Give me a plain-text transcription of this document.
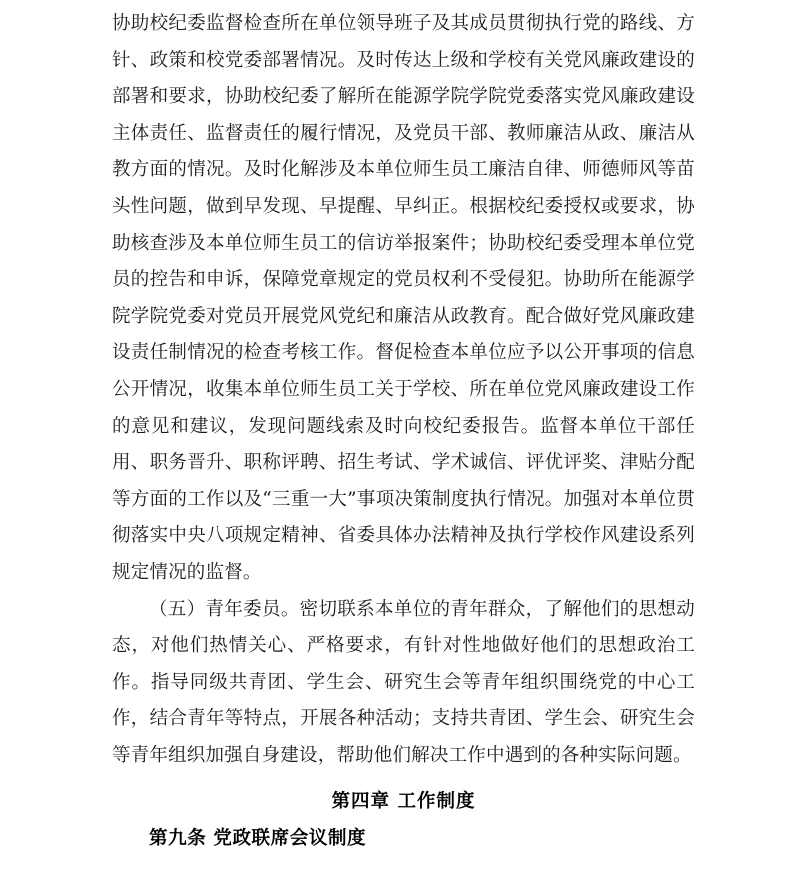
协助校纪委监督检查所在单位领导班子及其成员贯彻执行党的路线、方针、政策和校党委部署情况。及时传达上级和学校有关党风廉政建设的部署和要求，协助校纪委了解所在能源学院学院党委落实党风廉政建设主体责任、监督责任的履行情况，及党员干部、教师廉洁从政、廉洁从教方面的情况。及时化解涉及本单位师生员工廉洁自律、师德师风等苗头性问题，做到早发现、早提醒、早纠正。根据校纪委授权或要求，协助核查涉及本单位师生员工的信访举报案件；协助校纪委受理本单位党员的控告和申诉，保障党章规定的党员权利不受侵犯。协助所在能源学院学院党委对党员开展党风党纪和廉洁从政教育。配合做好党风廉政建设责任制情况的检查考核工作。督促检查本单位应予以公开事项的信息公开情况，收集本单位师生员工关于学校、所在单位党风廉政建设工作的意见和建议，发现问题线索及时向校纪委报告。监督本单位干部任用、职务晋升、职称评聘、招生考试、学术诚信、评优评奖、津贴分配等方面的工作以及“三重一大”事项决策制度执行情况。加强对本单位贯彻落实中央八项规定精神、省委具体办法精神及执行学校作风建设系列规定情况的监督。

（五）青年委员。密切联系本单位的青年群众，了解他们的思想动态，对他们热情关心、严格要求，有针对性地做好他们的思想政治工作。指导同级共青团、学生会、研究生会等青年组织围绕党的中心工作，结合青年等特点，开展各种活动；支持共青团、学生会、研究生会等青年组织加强自身建设，帮助他们解决工作中遇到的各种实际问题。

第四章 工作制度

第九条 党政联席会议制度
